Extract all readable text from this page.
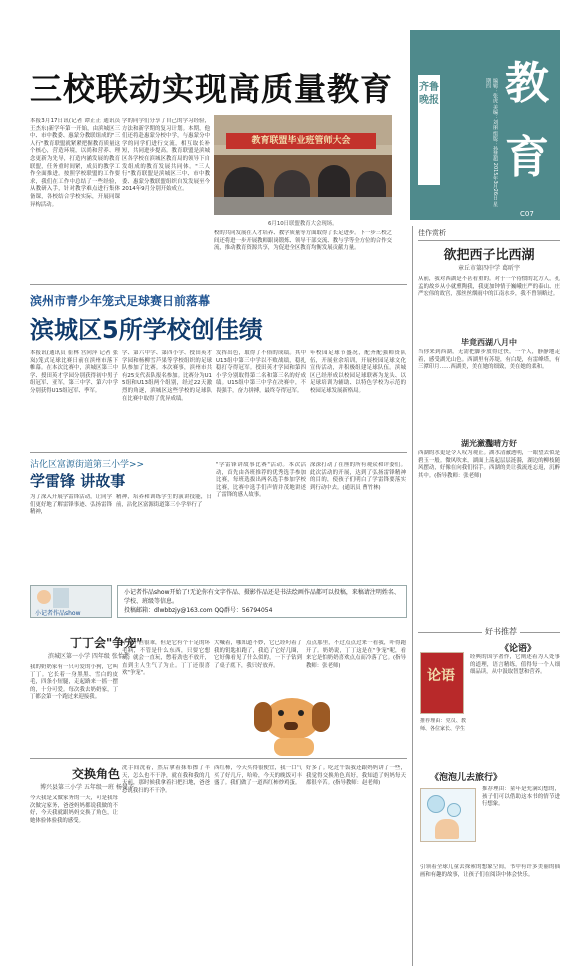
齐鲁晚报	编辑：张虎 美编：刘丽 组版：孙慧超 2015年3月26日 星期四 教
育
C07
三校联动实现高质量教育
本报3月17日讯(记者 谭正正 通讯员 王杰东)新学年第一开始，由滨城区三中、市中教委、惠蒙分教联组成的"三人行"教育联盟就紧紧把握教育质量这个核心，营造环境，以尚和营养、理念更新为先导，打造内涵发展的教育联盟，任务重时间紧，成员的教学工作全面推进。按照学校联盟的工作要求，我们在工作中总结了一些经验，从教研入手，针对教学难点进行集体备课，各校结合学校实际，开展同课异构活动。
学的同学们分享了自己的学习经验，方法和新学期的复习计划。本期，他们还将赴惠蒙分校中学，与惠蒙分中学的同学们进行交流，相互取长补短，共同进步提高。教育联盟是滨城区各学校在滨城区教育局的领导下自发组成的教育发展共同体。"三人行"教育联盟是滨城区三中、市中教委、惠蒙分教联盟组织自发发展至今2014年9月分别开始成立。
教育联盟毕业班管师大会
6月10日联盟教育大会现场。
校的共同发展在人才培养、教学质量等方面取得了长足进步。下一步三校之间还将进一步开展教师跟岗锻炼、领导干部交流、教与学等全方位的合作交流，推动教育资源共享，为促进全区教育均衡发展贡献力量。
滨州市青少年笼式足球赛日前落幕
滨城区5所学校创佳绩
本报讯(通讯员 崔林 宫向萍 记者 张岚)笼式足球比赛日前在滨州市落下帷幕。在本次比赛中，滨城区第三中学、授田英才学园分别获得初中男子组冠军、亚军，第三中学、第六中学分别获得U15组冠军、季军。
学、第六中学、第四小学、授田英才学园和杨柳雪芦果等学校组织的足球队参加了比赛。本次赛事，滨州市共有25支代表队报名参加。比赛分为U15组和U13组两个组别，经过22天激烈的角逐，滨城区这些学校的足球队在比赛中取得了优异成绩。
发挥出色，取得了不俗的成绩。其中U13组中第三中学以不败战绩，稳扎稳打夺得冠军。授田英才学园和第四小学分别取得第二名和第三名的好成绩。U15组中第三中学在决赛中，不畏强手，奋力拼搏，最终夺得冠军。
年校园足球节盛况，配齐配强师资队伍，开展业余培训，开展校园足球文化宣传活动，并积极组建足球队伍。滨城区已经形成以校园足球联赛为龙头、以足球培训为辅助、以特色学校为示范的校园足球发展新格局。
沾化区富源街道第三小学>>
学雷锋 讲故事
为了深入开展学雷锋活动，让同学们更好地了解雷锋事迹、弘扬雷锋精神，
精神，培养和训练学生的演讲技能，日前，沾化区富源街道第三小学举行了
"学雷锋讲故事比赛"活动。本次活动，首先由各班推荐的优秀选手参加比赛，每班选拔出两名选手参加学校比赛，比赛中选手们声情并茂地讲述了雷锋的感人故事。
深深打动了在座的所有观众和评委们。此次活动的开展，达到了弘扬雷锋精神的目的，使孩子们明白了学雷锋要落实到行动中去。(通讯员 曹竹林)
小记者作品show
小记者作品show开始了!无论你有文字作品、摄影作品还是书法绘画作品都可以投稿，来稿请注明姓名、学校、班级等信息。
投稿邮箱：dlwbbzjy@163.com QQ群号：56794054
丁丁会"争宠"
滨城区第一小学 四年级 张怡然
我的奶奶家有一只可爱的小狗，它叫丁丁。它长着一身黑黑、雪白的皮毛，四条小短腿，走起路来一摇一摆的，十分可爱。每次我去奶奶家，丁丁都会第一个跑过来迎接我。
丁丁不但很乖，但是它有个十足的坏毛病，不管是什么东西，只要它想玩，就会一直玩，憋着劲也不放开，直到主人生气了为止。丁丁还很喜欢"争宠"。
大喊着，哪知道不妙，它已经叼着了我的钥匙扣跑了，我追了它好几圈，它好像看见了什么似的，一下子钻到了桌子底下，我只好放弃。
点点那里，不过点点过来一看我，吓得跑开了。奶奶说，丁丁这是在"争宠"呢，看来它是怕奶奶喜欢点点而冷落了它。(指导教师：张老师)
交换角色
博兴县第三小学 五年级一班 杨曼予
今天我是又做家务的一天，可是我每次做完家务，爸爸妈妈都说我做的不好，今天我就跟妈妈交换了角色，让她体验体验我的感受。
洗手间洗着，然后拿着抹布擦了半天，怎么也不干净，就在我和我的几天前，那时候我拿着扫把扫地，爸爸总说我扫的不干净。
西红柿，今天买得很便宜，我一口气买了好几斤，哈哈，今天的晚饭可丰盛了。我们做了一道西红柿炒鸡蛋。
好多了。吃过午饭我还跟妈妈讲了一些，我觉得交换角色真好，我知道了妈妈每天都很辛苦。(指导教师：赵老师)
佳作赏析
欲把西子比西湖
章丘市第四中学 葛昕宇
从前，我对西湖是不甚看重的。对于一个待惯的北方人，孔孟的故乡从小就熏陶我，我更加钟情于巍峨庄严的泰山、庄严宏伟的故宫，那丝丝烟雨中的江南水乡，我不曾领略过。
毕竟西湖八月中
当你来到西湖，无需把脚步放得过快，一个人，静静地走着，感受湖光山色。西湖里有苏堤，有白堤，有雷峰塔，有三潭印月……西湖美，美在她的细致，美在她的柔和。
湖光瀲灩晴方好
西湖的水更是令人叹为观止。湖水清澈透明，一眼望去似是碧玉一般。微风吹来，湖面上荡起层层涟漪，湖边的柳枝随风摆动，好像在向我们招手。西湖的美让我流连忘返，沉醉其中。(指导教师：张老师)
好书推荐
《论语》
论语
推荐理由：党员、教师、各位家长、学生
经典的国学著作，它阐述着为人处事的道理，语言精练，值得每一个人细细品读，从中汲取智慧和营养。
《泡泡儿去旅行》
推荐理由：童年是充满幻想的，孩子们可以借助这本书的情节进行想象。
引领着全球儿童去探索的想象空间，书中有许多美丽的插画和有趣的故事，让孩子们在阅读中体会快乐。
